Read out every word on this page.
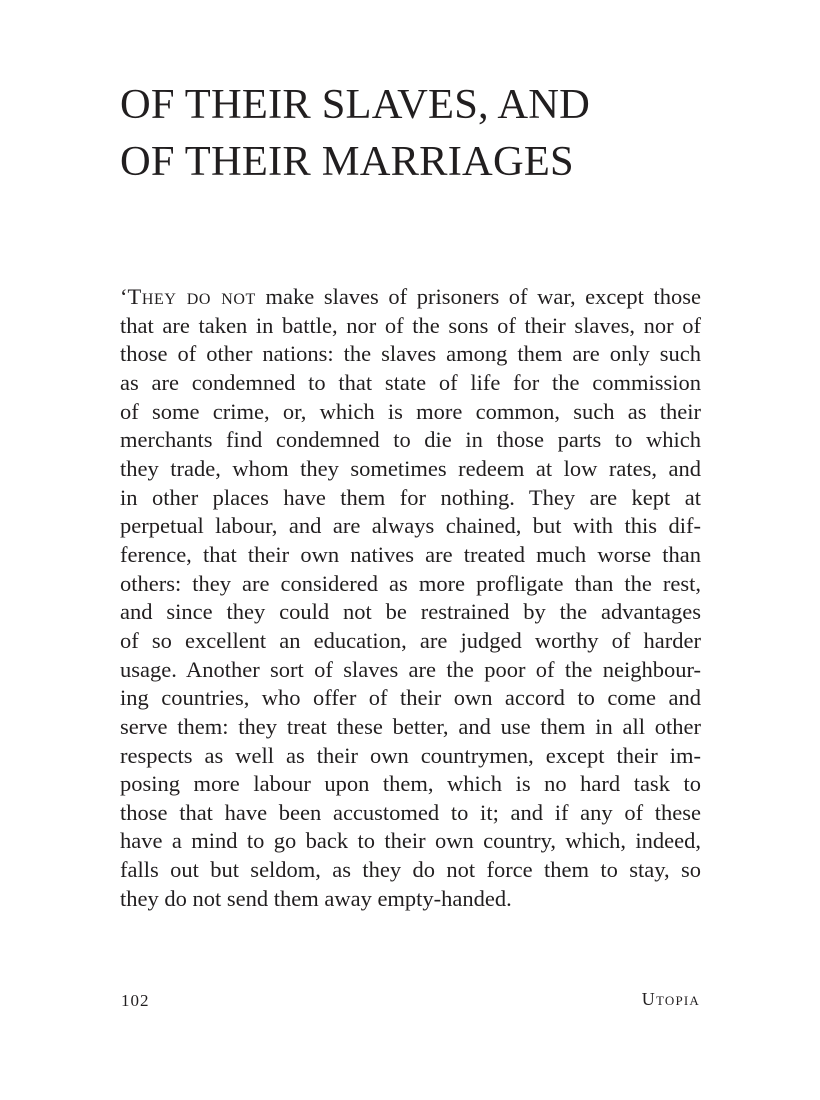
OF THEIR SLAVES, AND
OF THEIR MARRIAGES
‘They do not make slaves of prisoners of war, except those
that are taken in battle, nor of the sons of their slaves, nor of
those of other nations: the slaves among them are only such
as are condemned to that state of life for the commission
of some crime, or, which is more common, such as their
merchants find condemned to die in those parts to which
they trade, whom they sometimes redeem at low rates, and
in other places have them for nothing. They are kept at
perpetual labour, and are always chained, but with this dif-
ference, that their own natives are treated much worse than
others: they are considered as more profligate than the rest,
and since they could not be restrained by the advantages
of so excellent an education, are judged worthy of harder
usage. Another sort of slaves are the poor of the neighbour-
ing countries, who offer of their own accord to come and
serve them: they treat these better, and use them in all other
respects as well as their own countrymen, except their im-
posing more labour upon them, which is no hard task to
those that have been accustomed to it; and if any of these
have a mind to go back to their own country, which, indeed,
falls out but seldom, as they do not force them to stay, so
they do not send them away empty-handed.
102	Utopia
